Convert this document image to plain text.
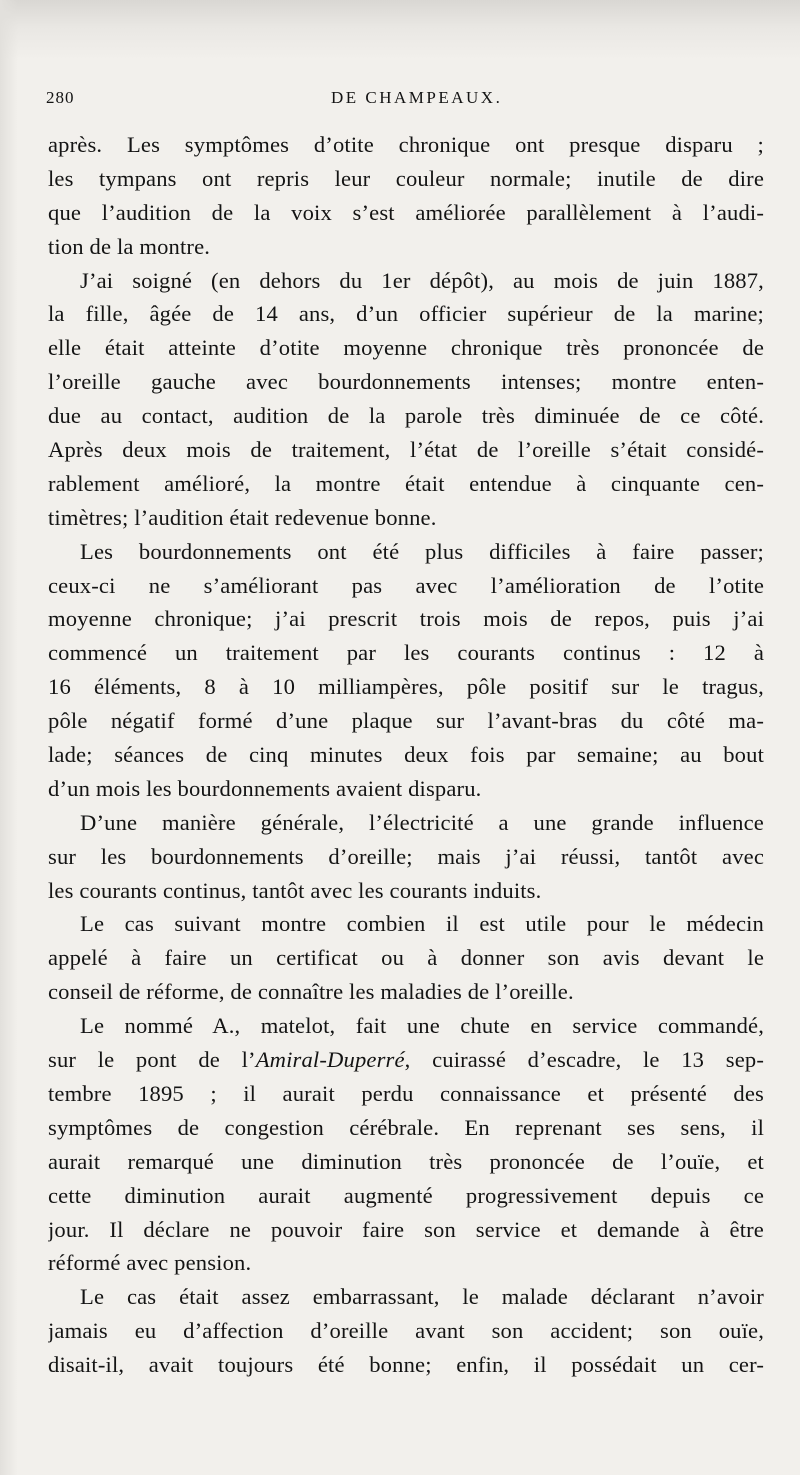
280	DE CHAMPEAUX.
après. Les symptômes d’otite chronique ont presque disparu ;
les tympans ont repris leur couleur normale; inutile de dire
que l’audition de la voix s’est améliorée parallèlement à l’audi-
tion de la montre.
J’ai soigné (en dehors du 1er dépôt), au mois de juin 1887,
la fille, âgée de 14 ans, d’un officier supérieur de la marine;
elle était atteinte d’otite moyenne chronique très prononcée de
l’oreille gauche avec bourdonnements intenses; montre enten-
due au contact, audition de la parole très diminuée de ce côté.
Après deux mois de traitement, l’état de l’oreille s’était considé-
rablement amélioré, la montre était entendue à cinquante cen-
timètres; l’audition était redevenue bonne.
Les bourdonnements ont été plus difficiles à faire passer;
ceux-ci ne s’améliorant pas avec l’amélioration de l’otite
moyenne chronique; j’ai prescrit trois mois de repos, puis j’ai
commencé un traitement par les courants continus : 12 à
16 éléments, 8 à 10 milliampères, pôle positif sur le tragus,
pôle négatif formé d’une plaque sur l’avant-bras du côté ma-
lade; séances de cinq minutes deux fois par semaine; au bout
d’un mois les bourdonnements avaient disparu.
D’une manière générale, l’électricité a une grande influence
sur les bourdonnements d’oreille; mais j’ai réussi, tantôt avec
les courants continus, tantôt avec les courants induits.
Le cas suivant montre combien il est utile pour le médecin
appelé à faire un certificat ou à donner son avis devant le
conseil de réforme, de connaître les maladies de l’oreille.
Le nommé A., matelot, fait une chute en service commandé,
sur le pont de l’Amiral-Duperré, cuirassé d’escadre, le 13 sep-
tembre 1895 ; il aurait perdu connaissance et présenté des
symptômes de congestion cérébrale. En reprenant ses sens, il
aurait remarqué une diminution très prononcée de l’ouïe, et
cette diminution aurait augmenté progressivement depuis ce
jour. Il déclare ne pouvoir faire son service et demande à être
réformé avec pension.
Le cas était assez embarrassant, le malade déclarant n’avoir
jamais eu d’affection d’oreille avant son accident; son ouïe,
disait-il, avait toujours été bonne; enfin, il possédait un cer-
